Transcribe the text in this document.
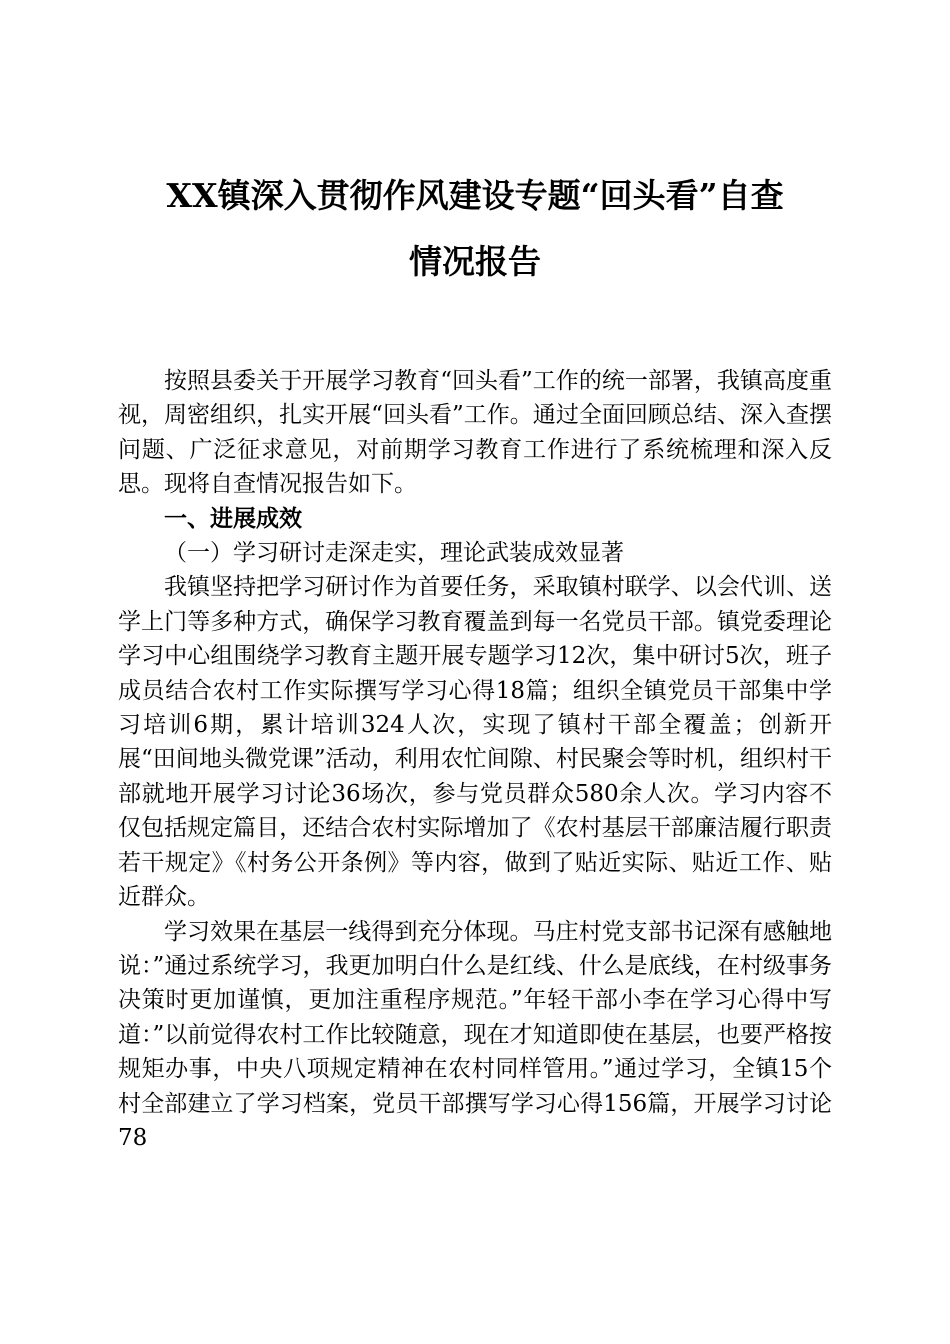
XX镇深入贯彻作风建设专题“回头看”自查
情况报告

按照县委关于开展学习教育“回头看”工作的统一部署，我镇高度重视，周密组织，扎实开展“回头看”工作。通过全面回顾总结、深入查摆问题、广泛征求意见，对前期学习教育工作进行了系统梳理和深入反思。现将自查情况报告如下。

一、进展成效

（一）学习研讨走深走实，理论武装成效显著

我镇坚持把学习研讨作为首要任务，采取镇村联学、以会代训、送学上门等多种方式，确保学习教育覆盖到每一名党员干部。镇党委理论学习中心组围绕学习教育主题开展专题学习12次，集中研讨5次，班子成员结合农村工作实际撰写学习心得18篇；组织全镇党员干部集中学习培训6期，累计培训324人次，实现了镇村干部全覆盖；创新开展“田间地头微党课”活动，利用农忙间隙、村民聚会等时机，组织村干部就地开展学习讨论36场次，参与党员群众580余人次。学习内容不仅包括规定篇目，还结合农村实际增加了《农村基层干部廉洁履行职责若干规定》《村务公开条例》等内容，做到了贴近实际、贴近工作、贴近群众。

学习效果在基层一线得到充分体现。马庄村党支部书记深有感触地说：”通过系统学习，我更加明白什么是红线、什么是底线，在村级事务决策时更加谨慎，更加注重程序规范。”年轻干部小李在学习心得中写道：”以前觉得农村工作比较随意，现在才知道即使在基层，也要严格按规矩办事，中央八项规定精神在农村同样管用。”通过学习，全镇15个村全部建立了学习档案，党员干部撰写学习心得156篇，开展学习讨论78
